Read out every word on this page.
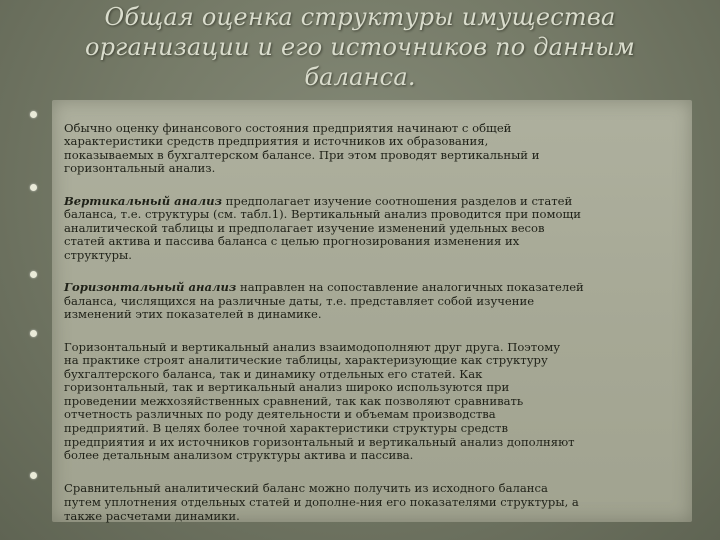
Общая оценка структуры имущества
организации и его источников по данным
баланса.

Обычно оценку финансового состояния предприятия начинают с общей
характеристики средств предприятия и источников их образования,
показываемых в бухгалтерском балансе. При этом проводят вертикальный и
горизонтальный анализ.

Вертикальный анализ предполагает изучение соотношения разделов и статей
баланса, т.е. структуры (см. табл.1). Вертикальный анализ проводится при помощи
аналитической таблицы и предполагает изучение изменений удельных весов
статей актива и пассива баланса с целью прогнозирования изменения их
структуры.

Горизонтальный анализ направлен на сопоставление аналогичных показателей
баланса, числящихся на различные даты, т.е. представляет собой изучение
изменений этих показателей в динамике.

Горизонтальный и вертикальный анализ взаимодополняют друг друга. Поэтому
на практике строят аналитические таблицы, характеризующие как структуру
бухгалтерского баланса, так и динамику отдельных его статей. Как
горизонтальный, так и вертикальный анализ широко используются при
проведении межхозяйственных сравнений, так как позволяют сравнивать
отчетность различных по роду деятельности и объемам производства
предприятий. В целях более точной характеристики структуры средств
предприятия и их источников горизонтальный и вертикальный анализ дополняют
более детальным анализом структуры актива и пассива.

Сравнительный аналитический баланс можно получить из исходного баланса
путем уплотнения отдельных статей и дополне-ния его показателями структуры, а
также расчетами динамики.
